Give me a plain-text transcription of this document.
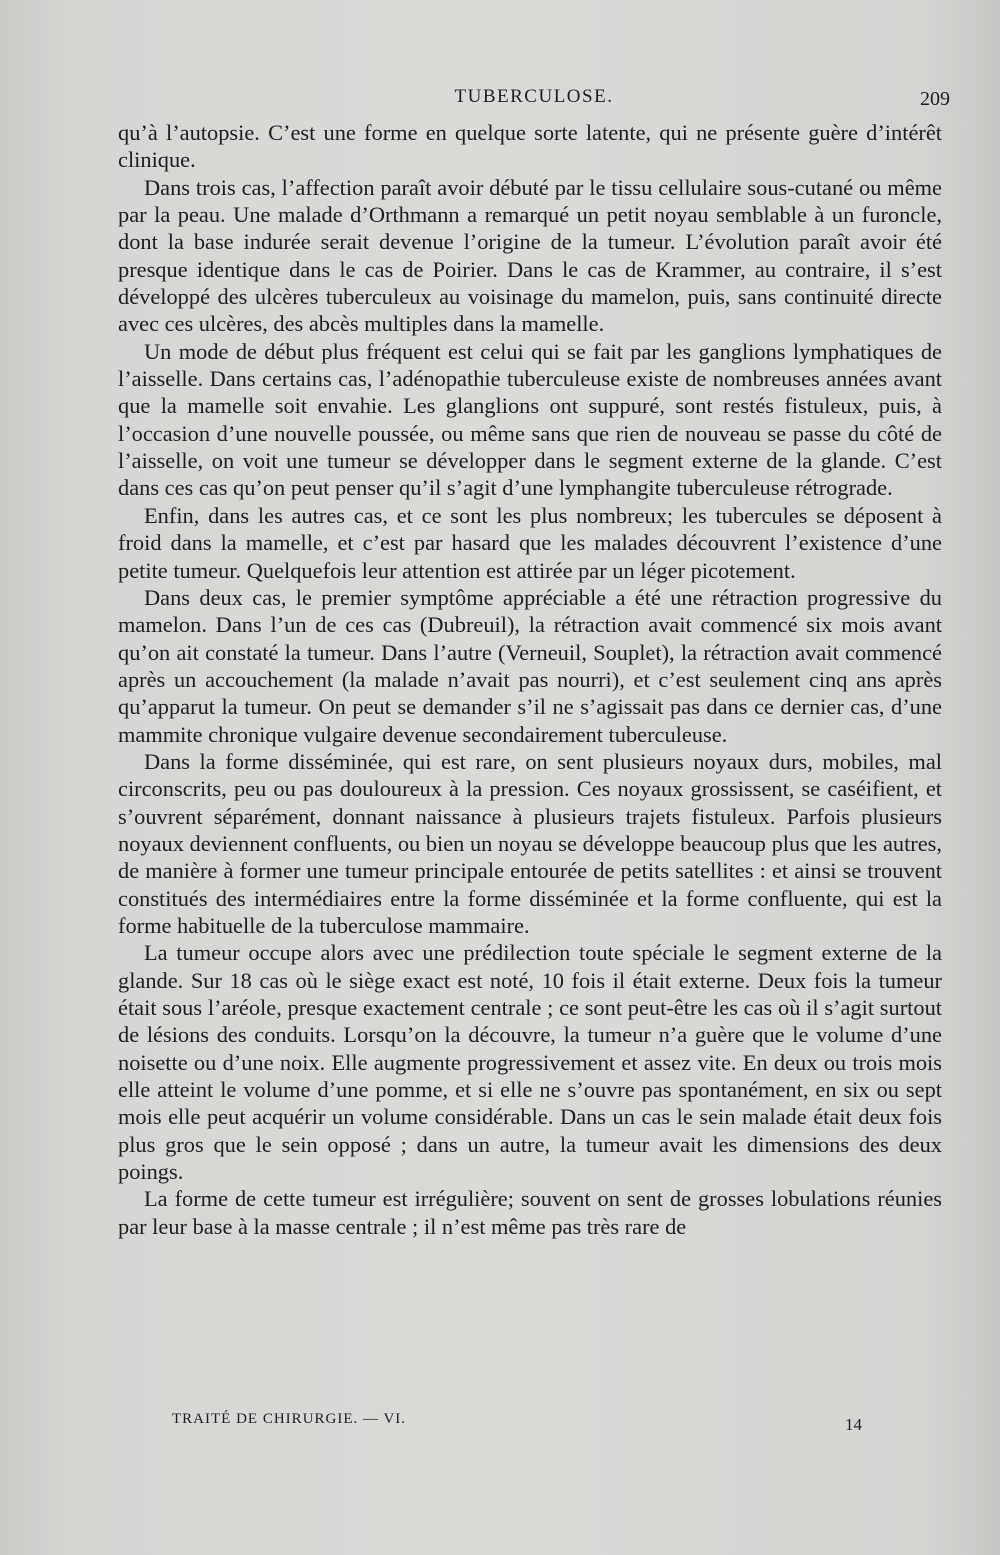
TUBERCULOSE.	209

qu’à l’autopsie. C’est une forme en quelque sorte latente, qui ne présente guère d’intérêt clinique.

Dans trois cas, l’affection paraît avoir débuté par le tissu cellulaire sous-cutané ou même par la peau. Une malade d’Orthmann a remarqué un petit noyau semblable à un furoncle, dont la base indurée serait devenue l’origine de la tumeur. L’évolution paraît avoir été presque identique dans le cas de Poirier. Dans le cas de Krammer, au contraire, il s’est développé des ulcères tuberculeux au voisinage du mamelon, puis, sans continuité directe avec ces ulcères, des abcès multiples dans la mamelle.

Un mode de début plus fréquent est celui qui se fait par les ganglions lymphatiques de l’aisselle. Dans certains cas, l’adénopathie tuberculeuse existe de nombreuses années avant que la mamelle soit envahie. Les glanglions ont suppuré, sont restés fistuleux, puis, à l’occasion d’une nouvelle poussée, ou même sans que rien de nouveau se passe du côté de l’aisselle, on voit une tumeur se développer dans le segment externe de la glande. C’est dans ces cas qu’on peut penser qu’il s’agit d’une lymphangite tuberculeuse rétrograde.

Enfin, dans les autres cas, et ce sont les plus nombreux; les tubercules se déposent à froid dans la mamelle, et c’est par hasard que les malades découvrent l’existence d’une petite tumeur. Quelquefois leur attention est attirée par un léger picotement.

Dans deux cas, le premier symptôme appréciable a été une rétraction progressive du mamelon. Dans l’un de ces cas (Dubreuil), la rétraction avait commencé six mois avant qu’on ait constaté la tumeur. Dans l’autre (Verneuil, Souplet), la rétraction avait commencé après un accouchement (la malade n’avait pas nourri), et c’est seulement cinq ans après qu’apparut la tumeur. On peut se demander s’il ne s’agissait pas dans ce dernier cas, d’une mammite chronique vulgaire devenue secondairement tuberculeuse.

Dans la forme disséminée, qui est rare, on sent plusieurs noyaux durs, mobiles, mal circonscrits, peu ou pas douloureux à la pression. Ces noyaux grossissent, se caséifient, et s’ouvrent séparément, donnant naissance à plusieurs trajets fistuleux. Parfois plusieurs noyaux deviennent confluents, ou bien un noyau se développe beaucoup plus que les autres, de manière à former une tumeur principale entourée de petits satellites : et ainsi se trouvent constitués des intermédiaires entre la forme disséminée et la forme confluente, qui est la forme habituelle de la tuberculose mammaire.

La tumeur occupe alors avec une prédilection toute spéciale le segment externe de la glande. Sur 18 cas où le siège exact est noté, 10 fois il était externe. Deux fois la tumeur était sous l’aréole, presque exactement centrale ; ce sont peut-être les cas où il s’agit surtout de lésions des conduits. Lorsqu’on la découvre, la tumeur n’a guère que le volume d’une noisette ou d’une noix. Elle augmente progressivement et assez vite. En deux ou trois mois elle atteint le volume d’une pomme, et si elle ne s’ouvre pas spontanément, en six ou sept mois elle peut acquérir un volume considérable. Dans un cas le sein malade était deux fois plus gros que le sein opposé ; dans un autre, la tumeur avait les dimensions des deux poings.

La forme de cette tumeur est irrégulière; souvent on sent de grosses lobulations réunies par leur base à la masse centrale ; il n’est même pas très rare de

TRAITÉ DE CHIRURGIE. — VI.	14
